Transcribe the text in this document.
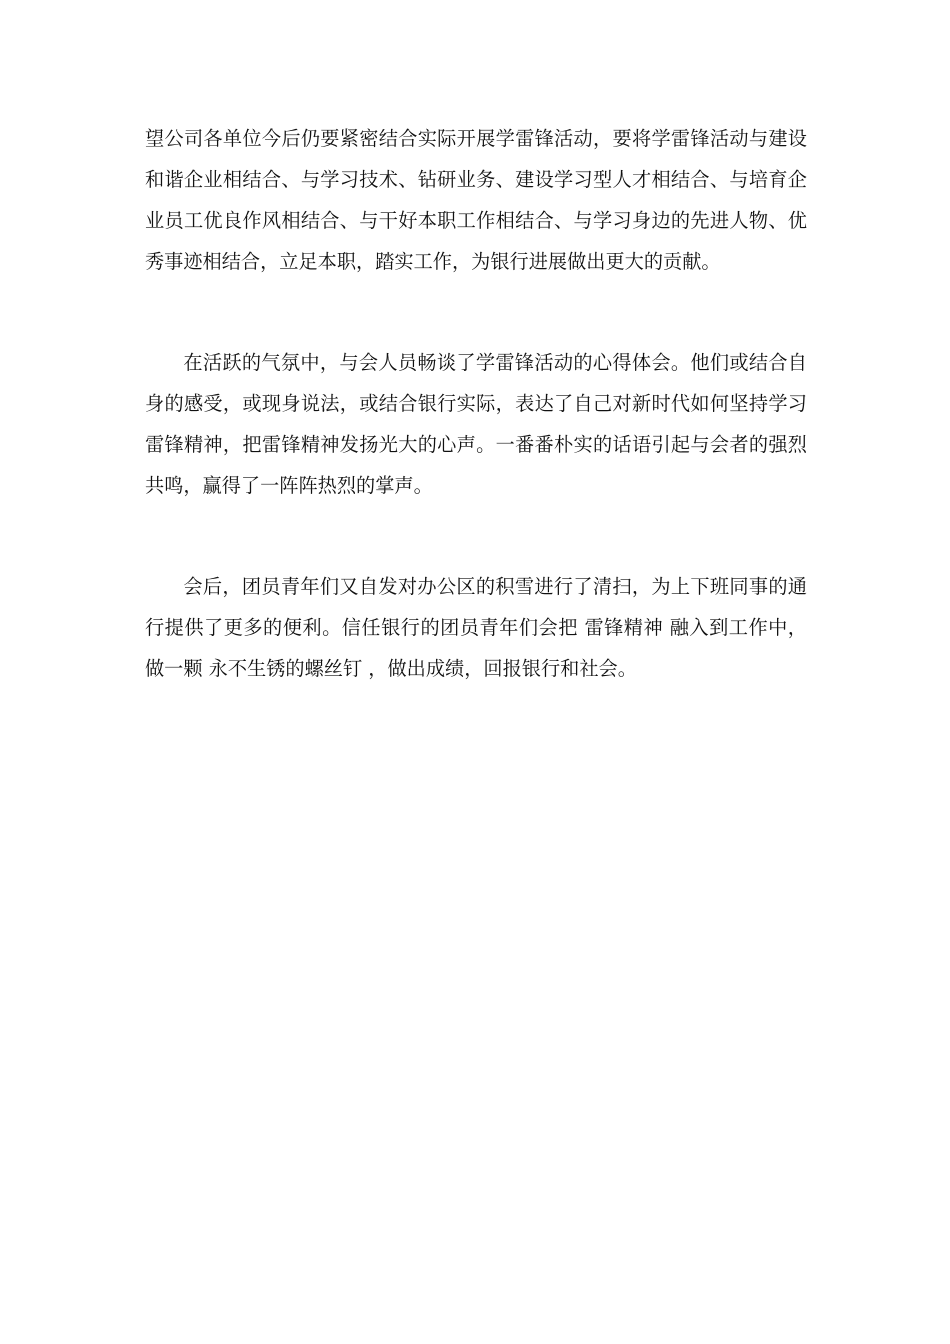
望公司各单位今后仍要紧密结合实际开展学雷锋活动，要将学雷锋活动与建设和谐企业相结合、与学习技术、钻研业务、建设学习型人才相结合、与培育企业员工优良作风相结合、与干好本职工作相结合、与学习身边的先进人物、优秀事迹相结合，立足本职，踏实工作，为银行进展做出更大的贡献。

在活跃的气氛中，与会人员畅谈了学雷锋活动的心得体会。他们或结合自身的感受，或现身说法，或结合银行实际，表达了自己对新时代如何坚持学习雷锋精神，把雷锋精神发扬光大的心声。一番番朴实的话语引起与会者的强烈共鸣，赢得了一阵阵热烈的掌声。

会后，团员青年们又自发对办公区的积雪进行了清扫，为上下班同事的通行提供了更多的便利。信任银行的团员青年们会把 雷锋精神 融入到工作中，做一颗 永不生锈的螺丝钉 ，做出成绩，回报银行和社会。
